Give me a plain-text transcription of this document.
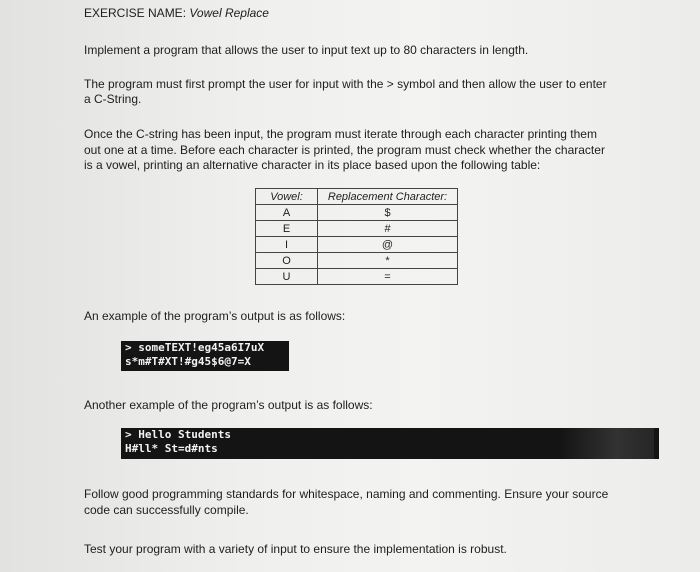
EXERCISE NAME: Vowel Replace
Implement a program that allows the user to input text up to 80 characters in length.
The program must first prompt the user for input with the > symbol and then allow the user to enter
a C-String.
Once the C-string has been input, the program must iterate through each character printing them
out one at a time. Before each character is printed, the program must check whether the character
is a vowel, printing an alternative character in its place based upon the following table:
Vowel:	Replacement Character:
A	$
E	#
I	@
O	*
U	=
An example of the program’s output is as follows:
> someTEXT!eg45a6I7uX
s*m#T#XT!#g45$6@7=X
Another example of the program’s output is as follows:
> Hello Students
H#ll* St=d#nts
Follow good programming standards for whitespace, naming and commenting. Ensure your source
code can successfully compile.
Test your program with a variety of input to ensure the implementation is robust.
